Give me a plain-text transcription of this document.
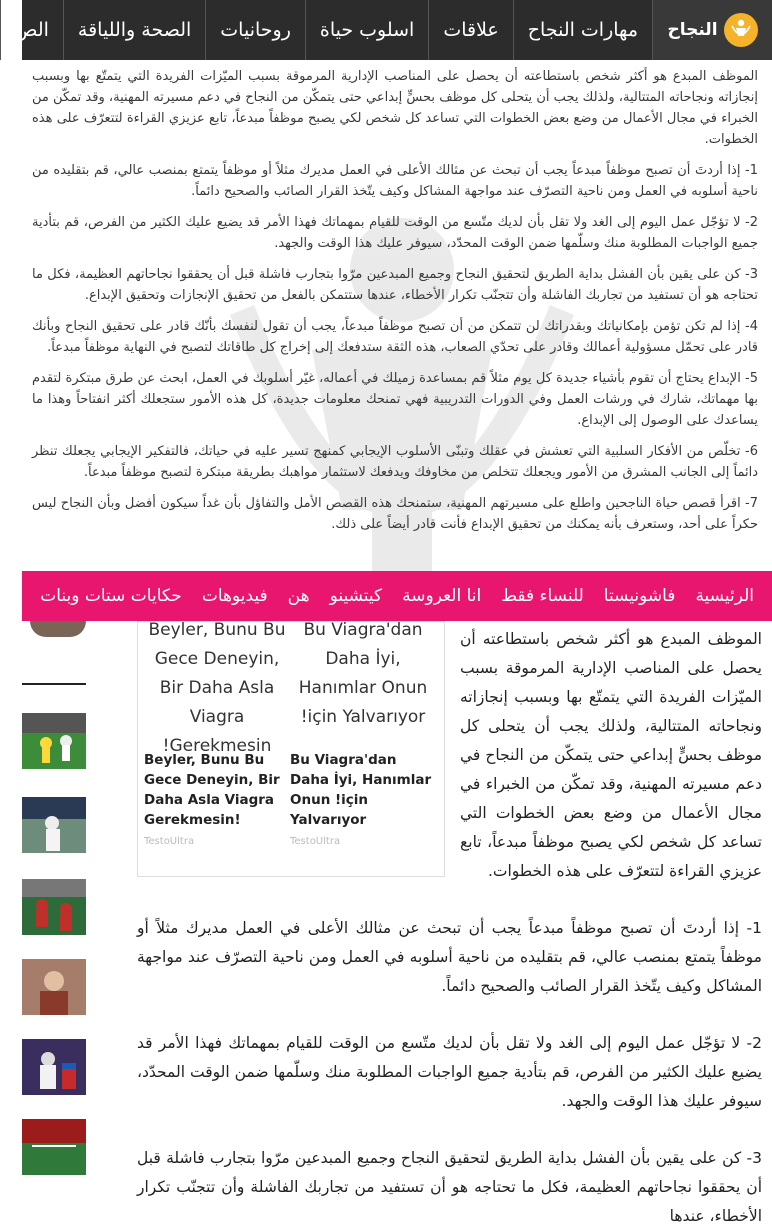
النجاح
مهارات النجاح
علاقات
اسلوب حياة
روحانيات
الصحة واللياقة
الص

الموظف المبدع هو أكثر شخص باستطاعته أن يحصل على المناصب الإدارية المرموقة بسبب الميّزات الفريدة التي يتمتّع بها وبسبب إنجازاته ونجاحاته المتتالية، ولذلك يجب أن يتحلى كل موظف بحسٍّ إبداعي حتى يتمكّن من النجاح في دعم مسيرته المهنية، وقد تمكّن من الخبراء في مجال الأعمال من وضع بعض الخطوات التي تساعد كل شخص لكي يصبح موظفاً مبدعاً، تابع عزيزي القراءة لتتعرّف على هذه الخطوات.

1- إذا أردتَ أن تصبح موظفاً مبدعاً يجب أن تبحث عن مثالك الأعلى في العمل مديرك مثلاً أو موظفاً يتمتع بمنصب عالي، قم بتقليده من ناحية أسلوبه في العمل ومن ناحية التصرّف عند مواجهة المشاكل وكيف يتّخذ القرار الصائب والصحيح دائماً.

2- لا تؤجّل عمل اليوم إلى الغد ولا تقل بأن لديك متّسع من الوقت للقيام بمهماتك فهذا الأمر قد يضيع عليك الكثير من الفرص، قم بتأدية جميع الواجبات المطلوبة منك وسلّمها ضمن الوقت المحدّد، سيوفر عليك هذا الوقت والجهد.

3- كن على يقين بأن الفشل بداية الطريق لتحقيق النجاح وجميع المبدعين مرّوا بتجارب فاشلة قبل أن يحققوا نجاحاتهم العظيمة، فكل ما تحتاجه هو أن تستفيد من تجاربك الفاشلة وأن تتجنّب تكرار الأخطاء، عندها ستتمكن بالفعل من تحقيق الإنجازات وتحقيق الإبداع.

4- إذا لم تكن تؤمن بإمكانياتك وبقدراتك لن تتمكن من أن تصبح موظفاً مبدعاً، يجب أن تقول لنفسك بأنّك قادر على تحقيق النجاح وبأنك قادر على تحمّل مسؤولية أعمالك وقادر على تحدّي الصعاب، هذه الثقة ستدفعك إلى إخراج كل طاقاتك لتصبح في النهاية موظفاً مبدعاً.

5- الإبداع يحتاج أن تقوم بأشياء جديدة كل يوم مثلاً قم بمساعدة زميلك في أعماله، غيّر أسلوبك في العمل، ابحث عن طرق مبتكرة لتقدم بها مهماتك، شارك في ورشات العمل وفي الدورات التدريبية فهي تمنحك معلومات جديدة، كل هذه الأمور ستجعلك أكثر انفتاحاً وهذا ما يساعدك على الوصول إلى الإبداع.

6- تخلّص من الأفكار السلبية التي تعشش في عقلك وتبنّى الأسلوب الإيجابي كمنهج تسير عليه في حياتك، فالتفكير الإيجابي يجعلك تنظر دائماً إلى الجانب المشرق من الأمور ويجعلك تتخلص من مخاوفك ويدفعك لاستثمار مواهبك بطريقة مبتكرة لتصبح موظفاً مبدعاً.

7- اقرأ قصص حياة الناجحين واطلع على مسيرتهم المهنية، ستمنحك هذه القصص الأمل والتفاؤل بأن غداً سيكون أفضل وبأن النجاح ليس حكراً على أحد، وستعرف بأنه يمكنك من تحقيق الإبداع فأنت قادر أيضاً على ذلك.

الرئيسية
فاشونيستا
للنساء فقط
انا العروسة
كيتشينو
هن
فيديوهات
حكايات ستات وبنات

الموظف المبدع هو أكثر شخص باستطاعته أن يحصل على المناصب الإدارية المرموقة بسبب الميّزات الفريدة التي يتمتّع بها وبسبب إنجازاته ونجاحاته المتتالية، ولذلك يجب أن يتحلى كل موظف بحسٍّ إبداعي حتى يتمكّن من النجاح في دعم مسيرته المهنية، وقد تمكّن من الخبراء في مجال الأعمال من وضع بعض الخطوات التي تساعد كل شخص لكي يصبح موظفاً مبدعاً، تابع عزيزي القراءة لتتعرّف على هذه الخطوات.

Bu Viagra'dan Daha İyi, Hanımlar Onun !için Yalvarıyor
Bu Viagra'dan Daha İyi, Hanımlar Onun !için Yalvarıyor
TestoUltra
Beyler, Bunu Bu Gece Deneyin, Bir Daha Asla Viagra !Gerekmesin
Beyler, Bunu Bu Gece Deneyin, Bir Daha Asla Viagra Gerekmesin!
TestoUltra

1- إذا أردتَ أن تصبح موظفاً مبدعاً يجب أن تبحث عن مثالك الأعلى في العمل مديرك مثلاً أو موظفاً يتمتع بمنصب عالي، قم بتقليده من ناحية أسلوبه في العمل ومن ناحية التصرّف عند مواجهة المشاكل وكيف يتّخذ القرار الصائب والصحيح دائماً.

2- لا تؤجّل عمل اليوم إلى الغد ولا تقل بأن لديك متّسع من الوقت للقيام بمهماتك فهذا الأمر قد يضيع عليك الكثير من الفرص، قم بتأدية جميع الواجبات المطلوبة منك وسلّمها ضمن الوقت المحدّد، سيوفر عليك هذا الوقت والجهد.

3- كن على يقين بأن الفشل بداية الطريق لتحقيق النجاح وجميع المبدعين مرّوا بتجارب فاشلة قبل أن يحققوا نجاحاتهم العظيمة، فكل ما تحتاجه هو أن تستفيد من تجاربك الفاشلة وأن تتجنّب تكرار الأخطاء، عندها
